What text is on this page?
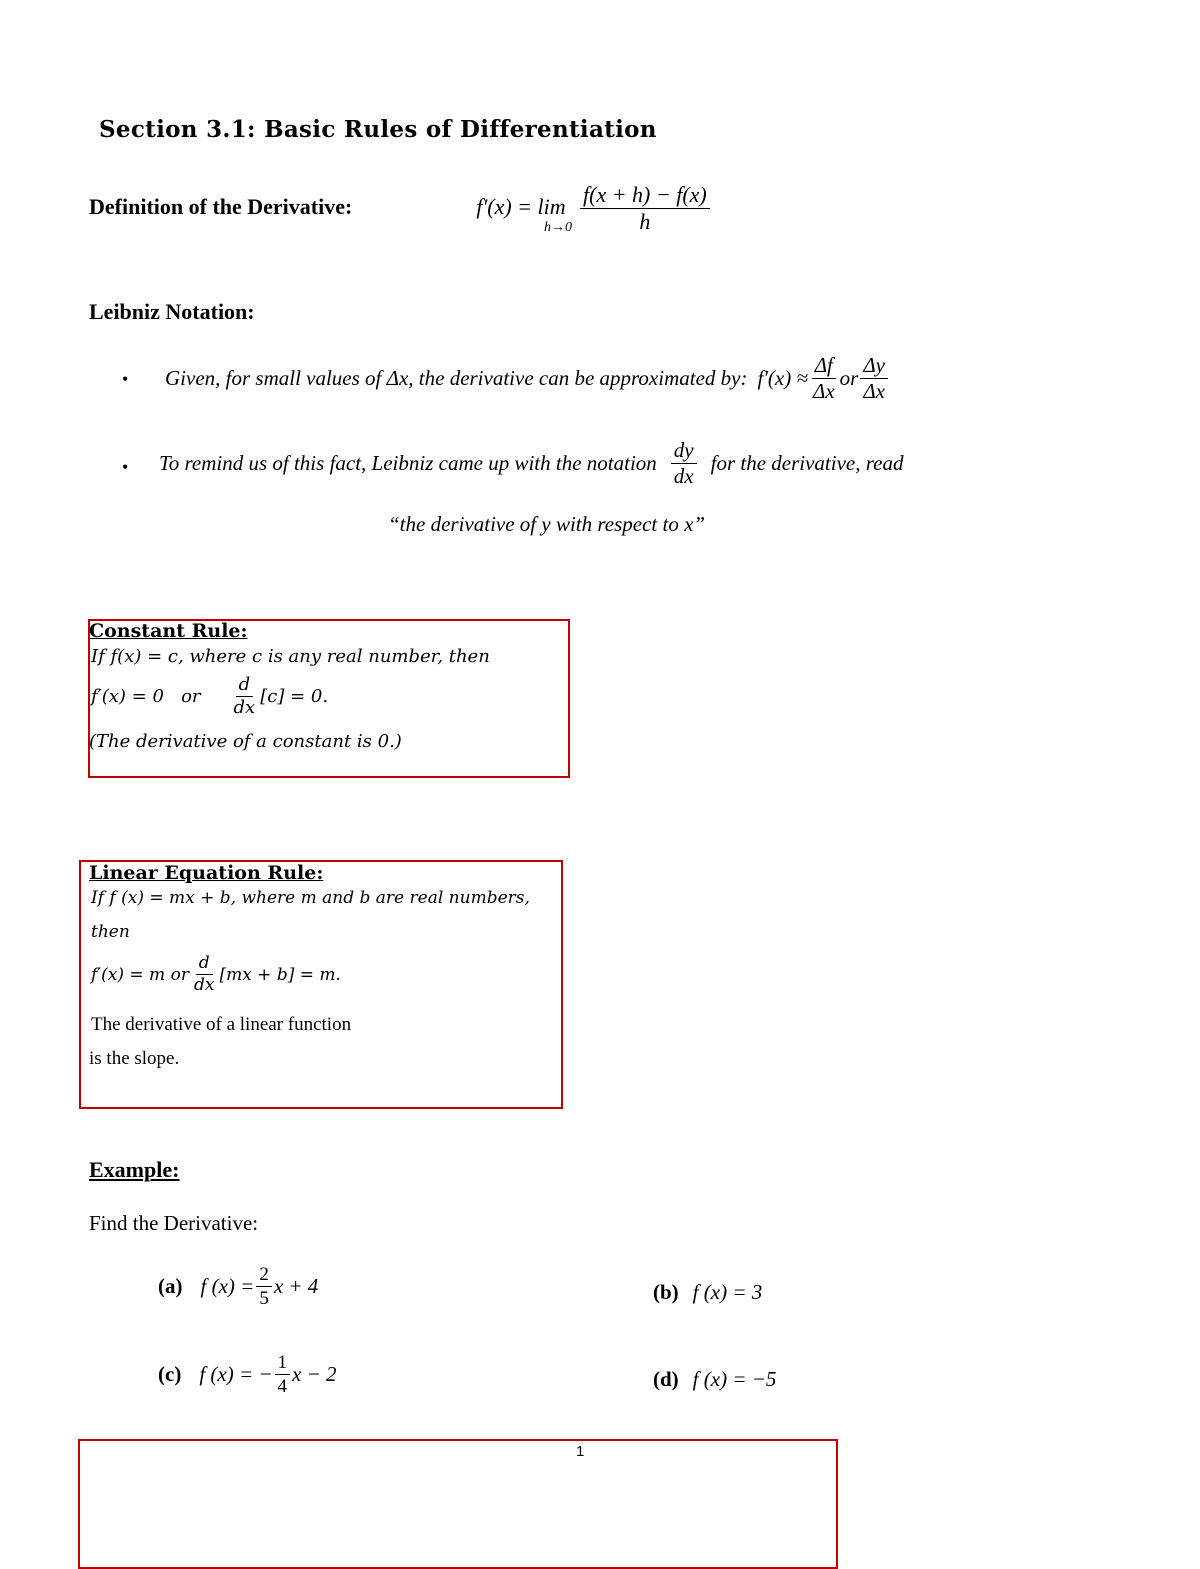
Section 3.1: Basic Rules of Differentiation
Definition of the Derivative:	f′(x) = lim
$h\to 0 \frac{f(x + h) - f(x)}{h}$
Leibniz Notation:
• Given, for small values of Δx, the derivative can be approximated by: $f'(x) \approx \frac{\Delta f}{\Delta x}$ or $\frac{\Delta y}{\Delta x}$
• To remind us of this fact, Leibniz came up with the notation $\frac{dy}{dx}$ for the derivative, read
“the derivative of y with respect to x”
Constant Rule:
If f(x) = c, where c is any real number, then
f′(x) = 0   or $\frac{d}{dx} [c] = 0$.
(The derivative of a constant is 0.)
Linear Equation Rule:
If f (x) = mx + b, where m and b are real numbers,
then
f′(x) = m or $\frac{d}{dx} [mx + b] = m$.
The derivative of a linear function
is the slope.
Example:
Find the Derivative:
(a) f $(x) = \frac{2}{5}$ x + 4	(b) f (x) = 3
(c) f (x) = − $\frac{1}{4}$ x − 2	(d) f (x) = −5
1
